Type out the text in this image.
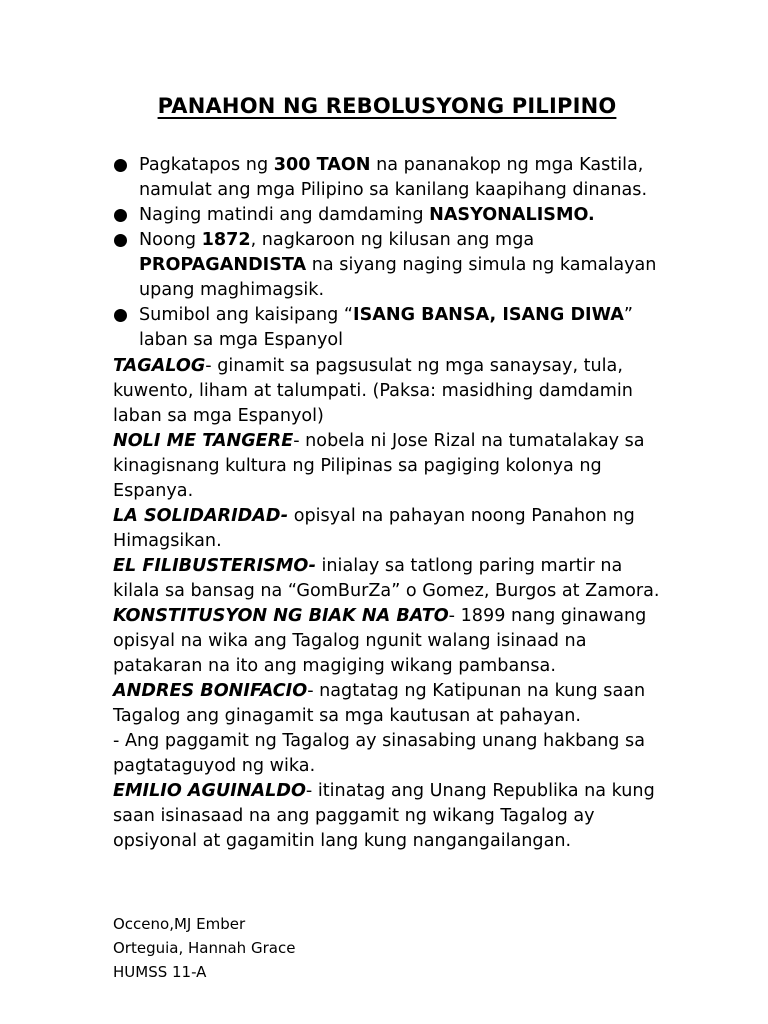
PANAHON NG REBOLUSYONG PILIPINO
Pagkatapos ng 300 TAON na pananakop ng mga Kastila, namulat ang mga Pilipino sa kanilang kaapihang dinanas.
Naging matindi ang damdaming NASYONALISMO.
Noong 1872, nagkaroon ng kilusan ang mga PROPAGANDISTA na siyang naging simula ng kamalayan upang maghimagsik.
Sumibol ang kaisipang “ISANG BANSA, ISANG DIWA” laban sa mga Espanyol

TAGALOG- ginamit sa pagsusulat ng mga sanaysay, tula, kuwento, liham at talumpati. (Paksa: masidhing damdamin laban sa mga Espanyol)

NOLI ME TANGERE- nobela ni Jose Rizal na tumatalakay sa kinagisnang kultura ng Pilipinas sa pagiging kolonya ng Espanya.

LA SOLIDARIDAD- opisyal na pahayan noong Panahon ng Himagsikan.

EL FILIBUSTERISMO- inialay sa tatlong paring martir na kilala sa bansag na “GomBurZa” o Gomez, Burgos at Zamora.

KONSTITUSYON NG BIAK NA BATO- 1899 nang ginawang opisyal na wika ang Tagalog ngunit walang isinaad na patakaran na ito ang magiging wikang pambansa.

ANDRES BONIFACIO- nagtatag ng Katipunan na kung saan Tagalog ang ginagamit sa mga kautusan at pahayan.

- Ang paggamit ng Tagalog ay sinasabing unang hakbang sa pagtataguyod ng wika.

EMILIO AGUINALDO- itinatag ang Unang Republika na kung saan isinasaad na ang paggamit ng wikang Tagalog ay opsiyonal at gagamitin lang kung nangangailangan.

Occeno,MJ Ember
Orteguia, Hannah Grace
HUMSS 11-A
